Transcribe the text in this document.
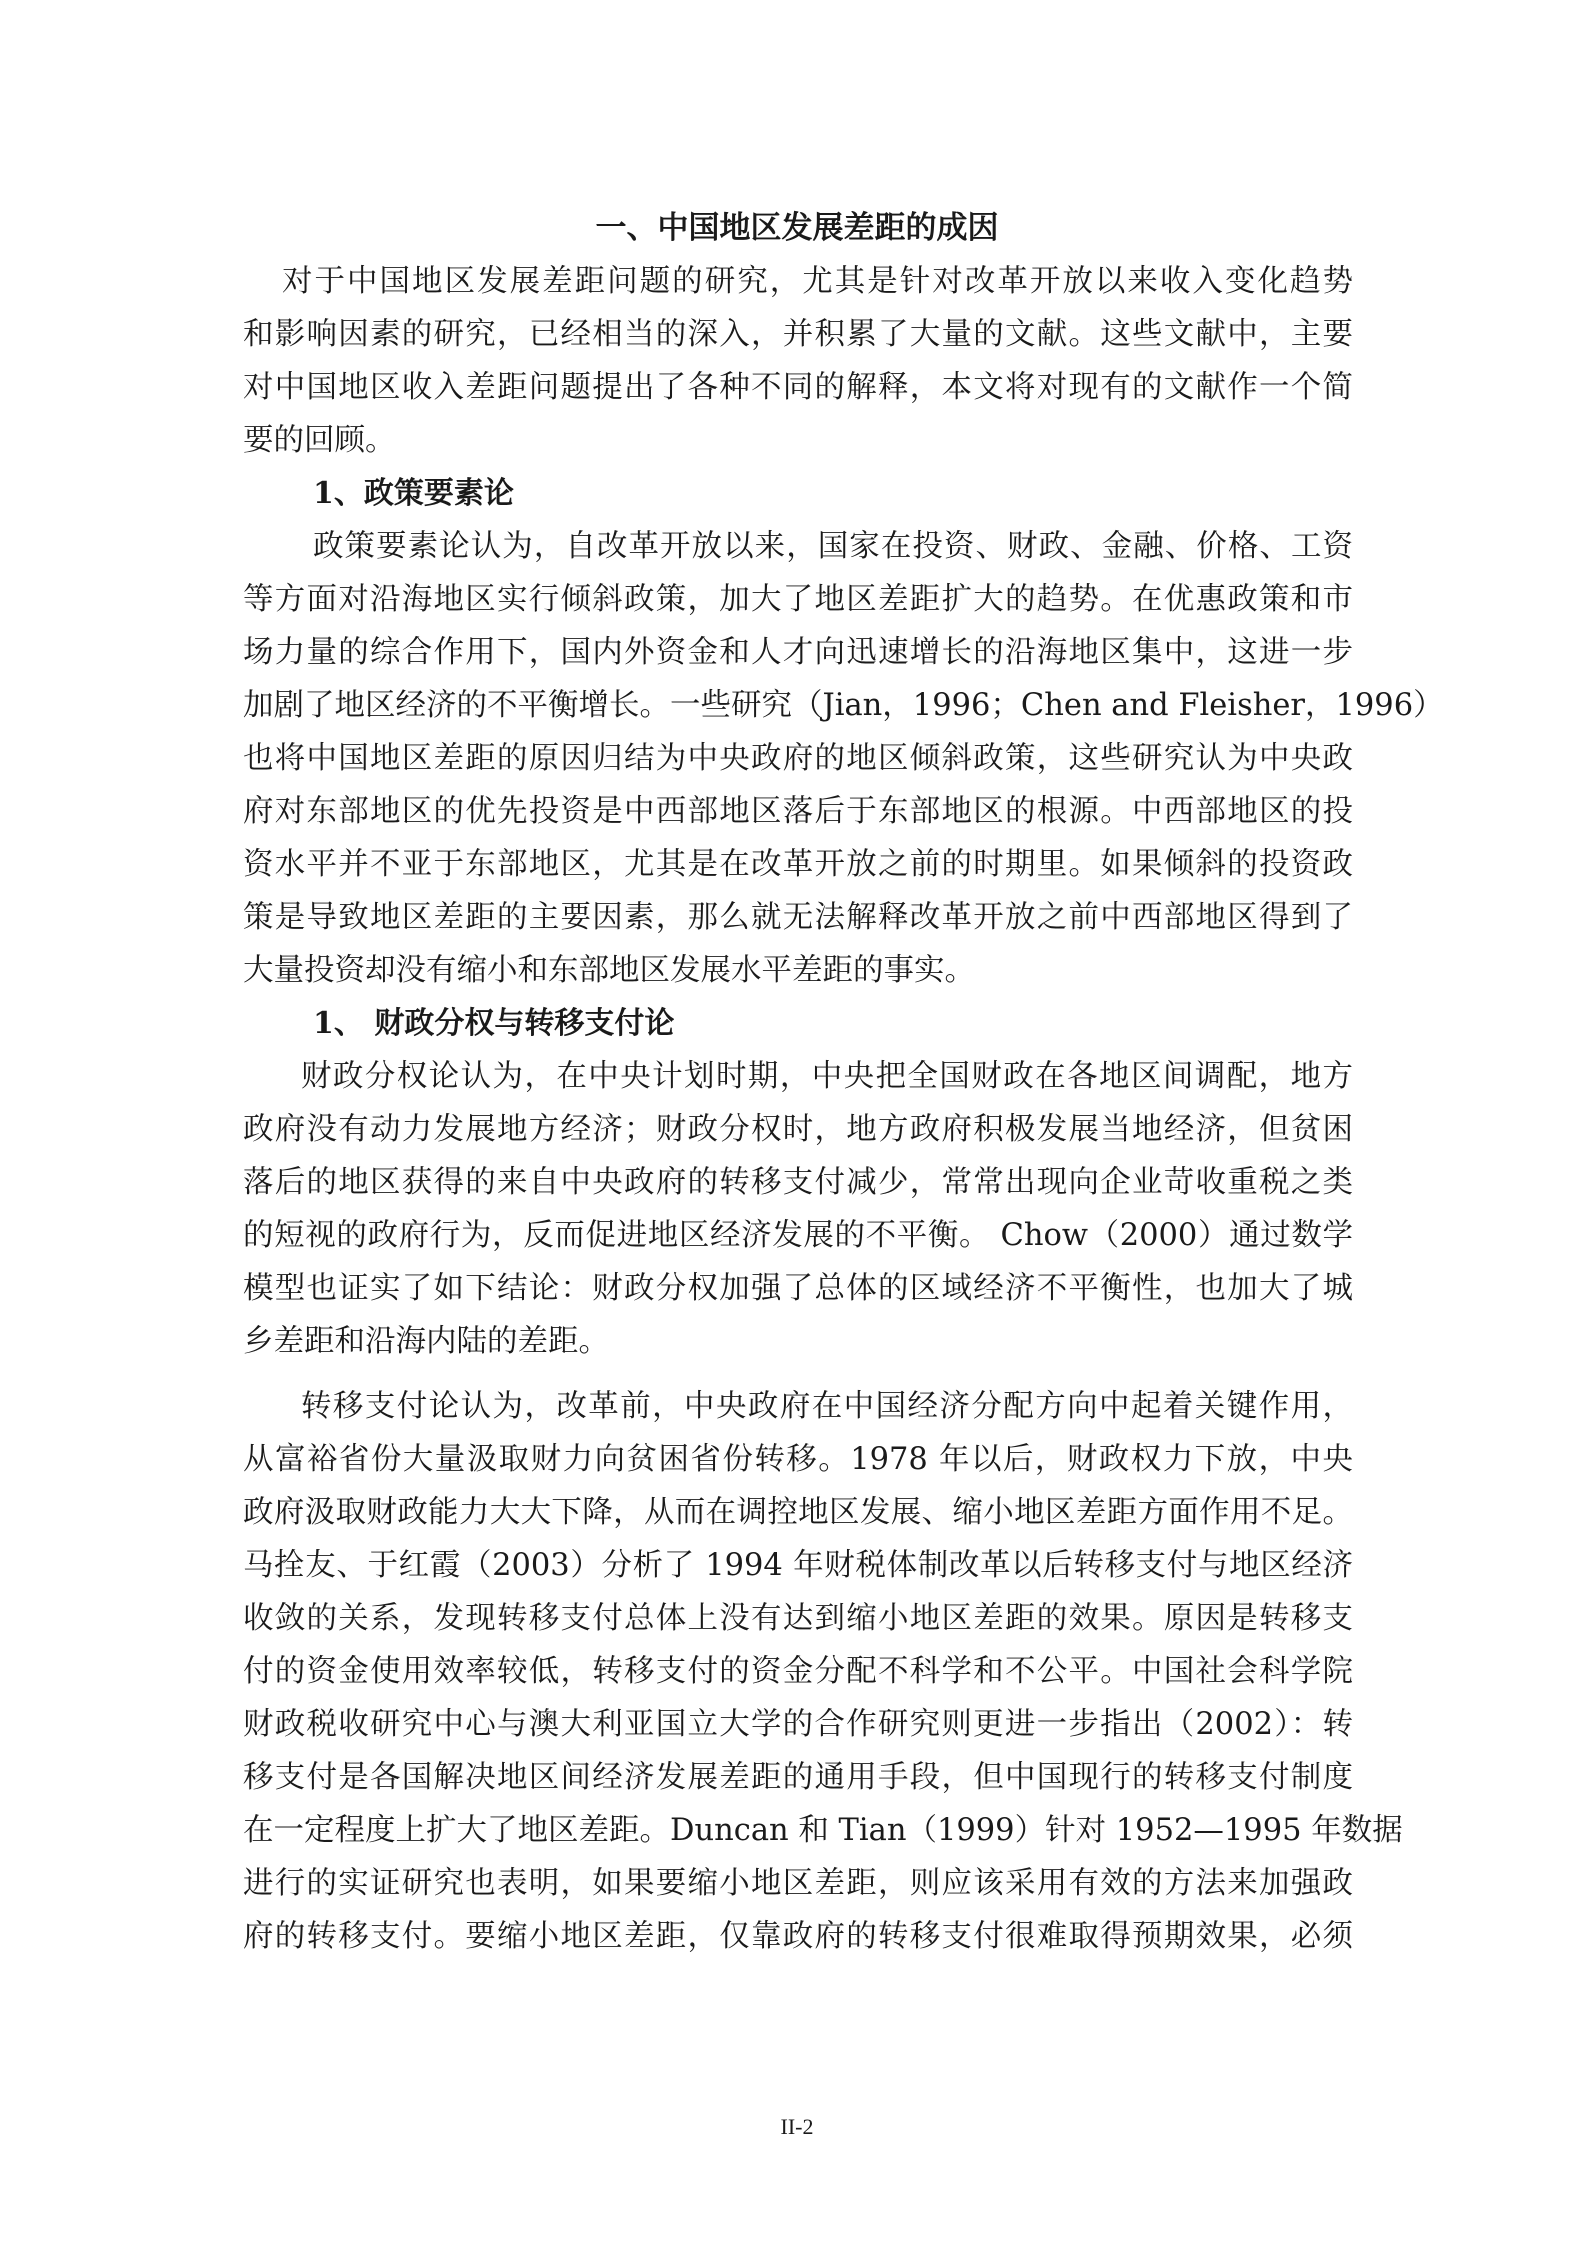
一、中国地区发展差距的成因
对于中国地区发展差距问题的研究，尤其是针对改革开放以来收入变化趋势
和影响因素的研究，已经相当的深入，并积累了大量的文献。这些文献中，主要
对中国地区收入差距问题提出了各种不同的解释，本文将对现有的文献作一个简
要的回顾。
1、政策要素论
政策要素论认为，自改革开放以来，国家在投资、财政、金融、价格、工资
等方面对沿海地区实行倾斜政策，加大了地区差距扩大的趋势。在优惠政策和市
场力量的综合作用下，国内外资金和人才向迅速增长的沿海地区集中，这进一步
加剧了地区经济的不平衡增长。一些研究（Jian，1996；Chen and Fleisher，1996）
也将中国地区差距的原因归结为中央政府的地区倾斜政策，这些研究认为中央政
府对东部地区的优先投资是中西部地区落后于东部地区的根源。中西部地区的投
资水平并不亚于东部地区，尤其是在改革开放之前的时期里。如果倾斜的投资政
策是导致地区差距的主要因素，那么就无法解释改革开放之前中西部地区得到了
大量投资却没有缩小和东部地区发展水平差距的事实。
1、 财政分权与转移支付论
财政分权论认为，在中央计划时期，中央把全国财政在各地区间调配，地方
政府没有动力发展地方经济；财政分权时，地方政府积极发展当地经济，但贫困
落后的地区获得的来自中央政府的转移支付减少，常常出现向企业苛收重税之类
的短视的政府行为，反而促进地区经济发展的不平衡。 Chow（2000）通过数学
模型也证实了如下结论：财政分权加强了总体的区域经济不平衡性，也加大了城
乡差距和沿海内陆的差距。
转移支付论认为，改革前，中央政府在中国经济分配方向中起着关键作用，
从富裕省份大量汲取财力向贫困省份转移。1978 年以后，财政权力下放，中央
政府汲取财政能力大大下降，从而在调控地区发展、缩小地区差距方面作用不足。
马拴友、于红霞（2003）分析了 1994 年财税体制改革以后转移支付与地区经济
收敛的关系，发现转移支付总体上没有达到缩小地区差距的效果。原因是转移支
付的资金使用效率较低，转移支付的资金分配不科学和不公平。中国社会科学院
财政税收研究中心与澳大利亚国立大学的合作研究则更进一步指出（2002）：转
移支付是各国解决地区间经济发展差距的通用手段，但中国现行的转移支付制度
在一定程度上扩大了地区差距。Duncan 和 Tian（1999）针对 1952—1995 年数据
进行的实证研究也表明，如果要缩小地区差距，则应该采用有效的方法来加强政
府的转移支付。要缩小地区差距，仅靠政府的转移支付很难取得预期效果，必须
II-2
